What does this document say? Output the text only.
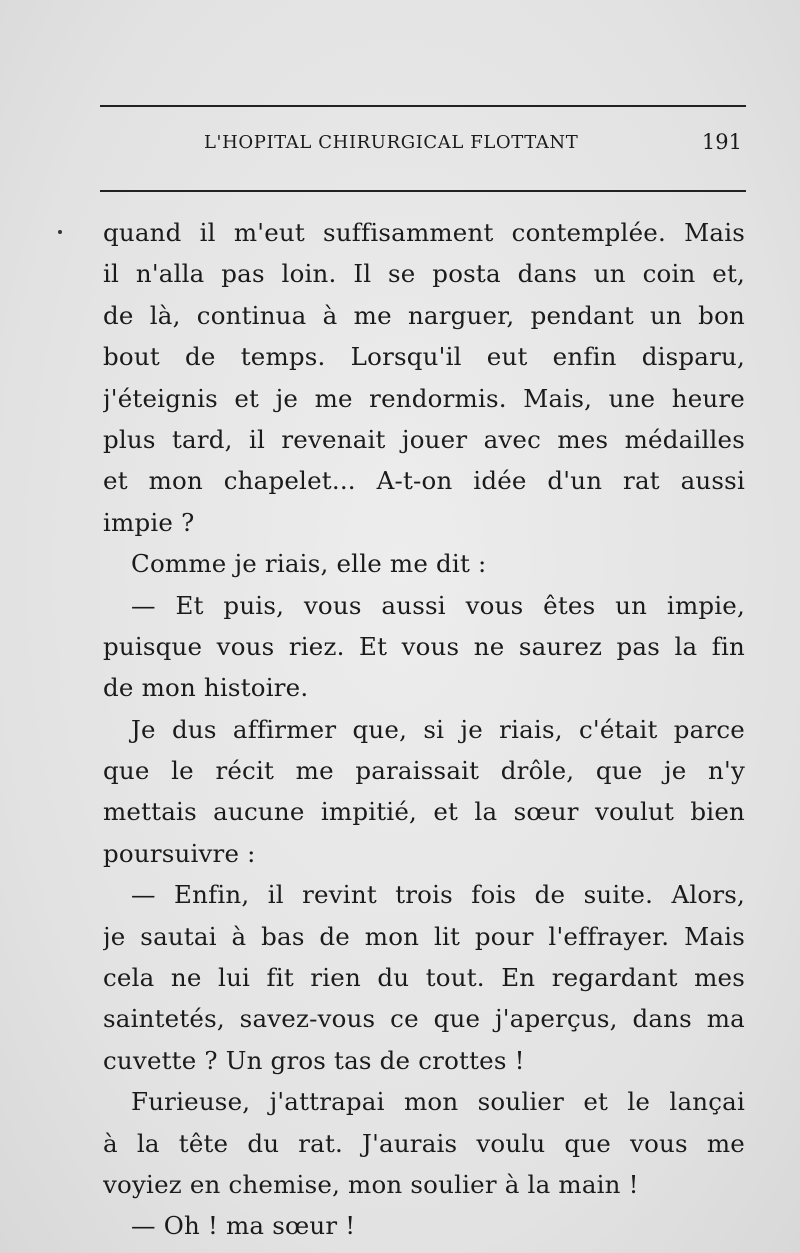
L'HOPITAL CHIRURGICAL FLOTTANT	191
quand il m'eut suffisamment contemplée. Mais
il n'alla pas loin. Il se posta dans un coin et,
de là, continua à me narguer, pendant un bon
bout de temps. Lorsqu'il eut enfin disparu,
j'éteignis et je me rendormis. Mais, une heure
plus tard, il revenait jouer avec mes médailles
et mon chapelet... A-t-on idée d'un rat aussi
impie ?
Comme je riais, elle me dit :
— Et puis, vous aussi vous êtes un impie,
puisque vous riez. Et vous ne saurez pas la fin
de mon histoire.
Je dus affirmer que, si je riais, c'était parce
que le récit me paraissait drôle, que je n'y
mettais aucune impitié, et la sœur voulut bien
poursuivre :
— Enfin, il revint trois fois de suite. Alors,
je sautai à bas de mon lit pour l'effrayer. Mais
cela ne lui fit rien du tout. En regardant mes
saintetés, savez-vous ce que j'aperçus, dans ma
cuvette ? Un gros tas de crottes !
Furieuse, j'attrapai mon soulier et le lançai
à la tête du rat. J'aurais voulu que vous me
voyiez en chemise, mon soulier à la main !
— Oh ! ma sœur !
